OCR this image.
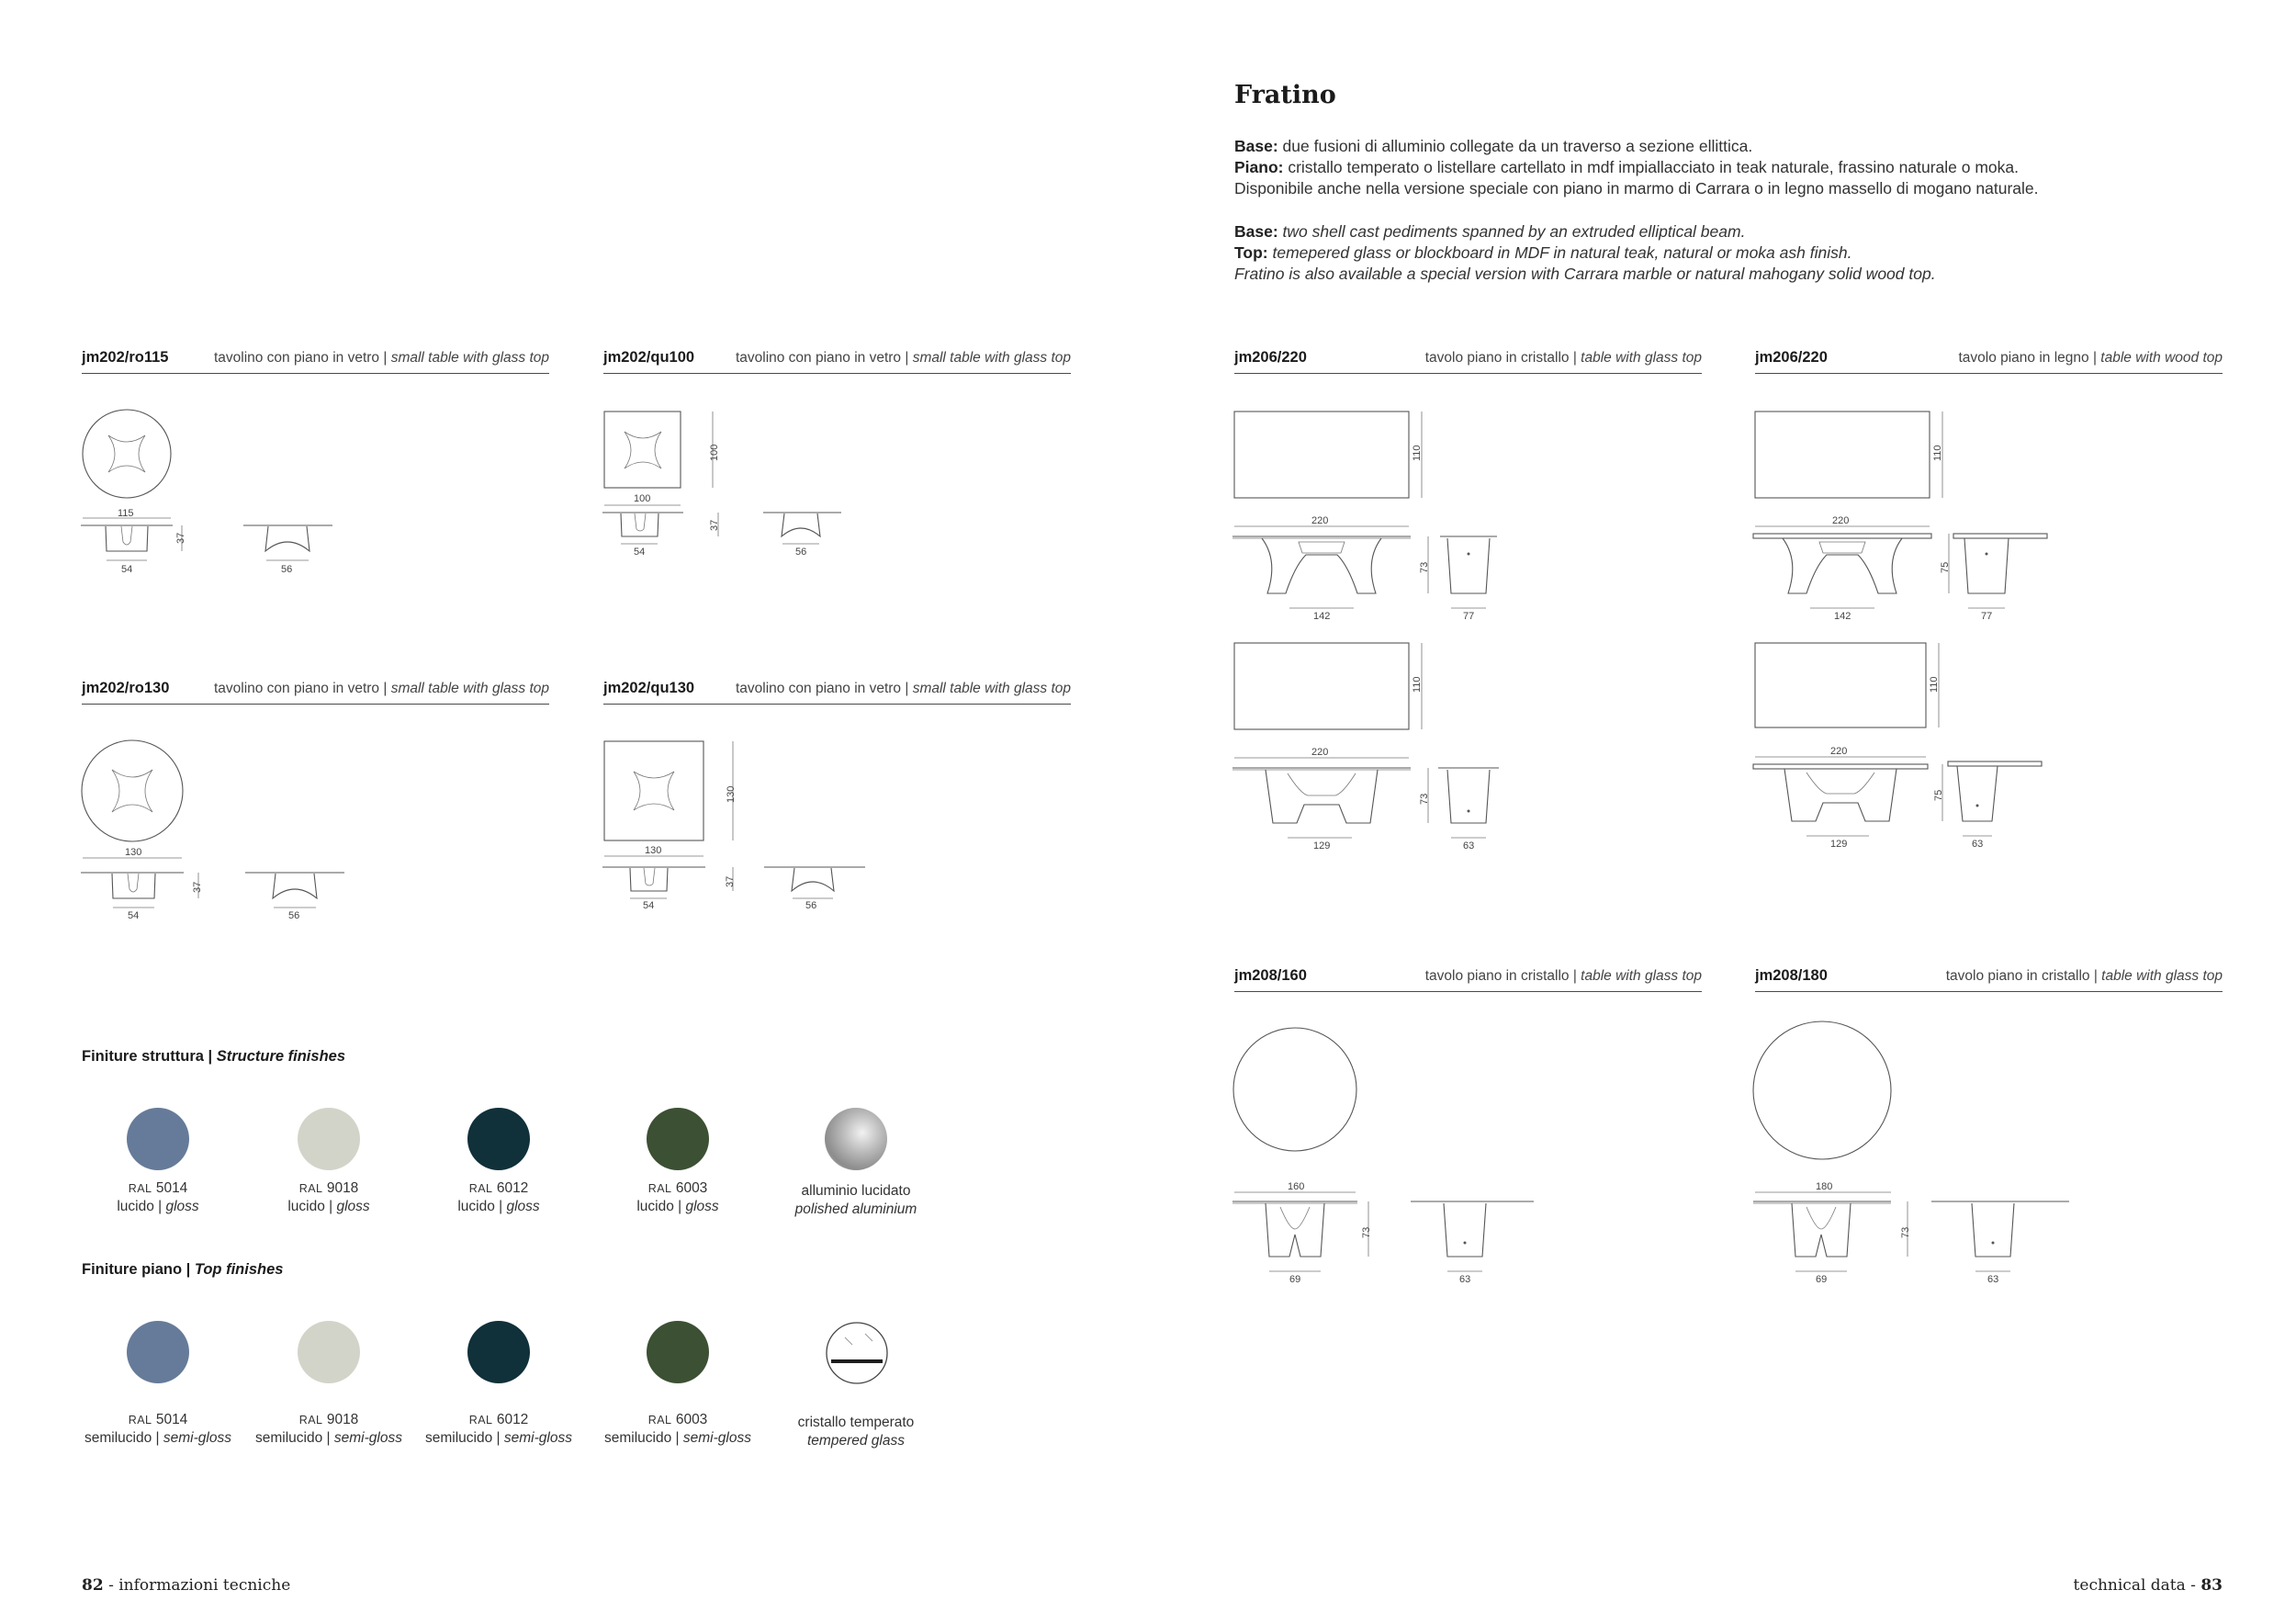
Fratino
Base: due fusioni di alluminio collegate da un traverso a sezione ellittica.
Piano: cristallo temperato o listellare cartellato in mdf impiallacciato in teak naturale, frassino naturale o moka.
Disponibile anche nella versione speciale con piano in marmo di Carrara o in legno massello di mogano naturale.
Base: two shell cast pediments spanned by an extruded elliptical beam.
Top: temepered glass or blockboard in MDF in natural teak, natural or moka ash finish.
Fratino is also available a special version with Carrara marble or natural mahogany solid wood top.
jm202/ro115	tavolino con piano in vetro | small table with glass top	jm202/qu100	tavolino con piano in vetro | small table with glass top
jm202/ro130	tavolino con piano in vetro | small table with glass top	jm202/qu130	tavolino con piano in vetro | small table with glass top
jm206/220	tavolo piano in cristallo | table with glass top	jm206/220	tavolo piano in legno | table with wood top
jm208/160	tavolo piano in cristallo | table with glass top	jm208/180	tavolo piano in cristallo | table with glass top
115
37
54	56
100
100
37
54	56
130
37
54	56
130
130
37
54	56
110
220
73
142	77
110
220
73
129	63
110
220
75
142	77
110
220
75
129	63
160
73
69	63
180
73
69	63
Finiture struttura | Structure finishes
RAL 5014
lucido | gloss
RAL 9018
lucido | gloss
RAL 6012
lucido | gloss
RAL 6003
lucido | gloss
alluminio lucidato
polished aluminium
Finiture piano | Top finishes
RAL 5014
semilucido | semi-gloss
RAL 9018
semilucido | semi-gloss
RAL 6012
semilucido | semi-gloss
RAL 6003
semilucido | semi-gloss
cristallo temperato
tempered glass
82 - informazioni tecniche	technical data - 83
